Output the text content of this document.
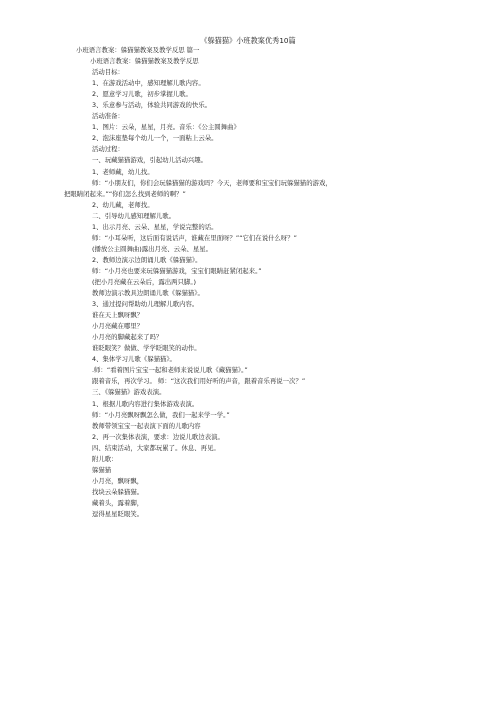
《躲猫猫》小班教案优秀10篇
小班语言教案：躲猫猫教案及教学反思 篇一
小班语言教案：躲猫猫教案及教学反思
活动目标：
1、在游戏活动中，感知理解儿歌内容。
2、愿意学习儿歌，初步掌握儿歌。
3、乐意参与活动，体验共同游戏的快乐。
活动准备：
1、图片：云朵，星星，月亮。音乐：《公主圆舞曲》
2、泡沫座垫每个幼儿一个，一面粘上云朵。
活动过程：
一、玩藏猫猫游戏，引起幼儿活动兴趣。
1、老师藏，幼儿找。
师：“小朋友们，你们会玩躲猫猫的游戏吗？今天，老师要和宝宝们玩躲猫猫的游戏，
把眼睛闭起来。”“你们怎么找到老师的啊？”
2、幼儿藏，老师找。
二、引导幼儿感知理解儿歌。
1、出示月亮、云朵、星星，学说完整的话。
师：“小耳朵听，这后面有说话声，谁藏在里面呀？”“它们在说什么呀？”
(播放公主圆舞曲)露出月亮、云朵、星星。
2、教师边演示边朗诵儿歌《躲猫猫》。
师：“小月亮也要来玩躲猫猫游戏，宝宝们眼睛赶紧闭起来。”
(把小月亮藏在云朵后，露出两只脚。)
教师边演示教具边朗诵儿歌《躲猫猫》。
3、通过提问帮助幼儿理解儿歌内容。
谁在天上飘呀飘？
小月亮藏在哪里？
小月亮的脚藏起来了吗？
谁眨眼笑？做做、学学眨眼笑的动作。
4、集体学习儿歌《躲猫猫》。
.师：“看着图片宝宝一起和老师来说说儿歌《藏猫猫》。”
跟着音乐，再次学习。 师：“这次我们用好听的声音，跟着音乐再说一次？”
三、《躲猫猫》游戏表演。
1、根据儿歌内容进行集体游戏表演。
师：“小月亮飘呀飘怎么做，我们一起来学一学。”
教师带领宝宝一起表演下面的儿歌内容
2、再一次集体表演，要求：边说儿歌边表演。
四、结束活动，大家都玩累了。休息、再见。
附儿歌：
躲猫猫
小月亮，飘呀飘，
找块云朵躲猫猫。
藏着头，露着脚，
逗得星星眨眼笑。
